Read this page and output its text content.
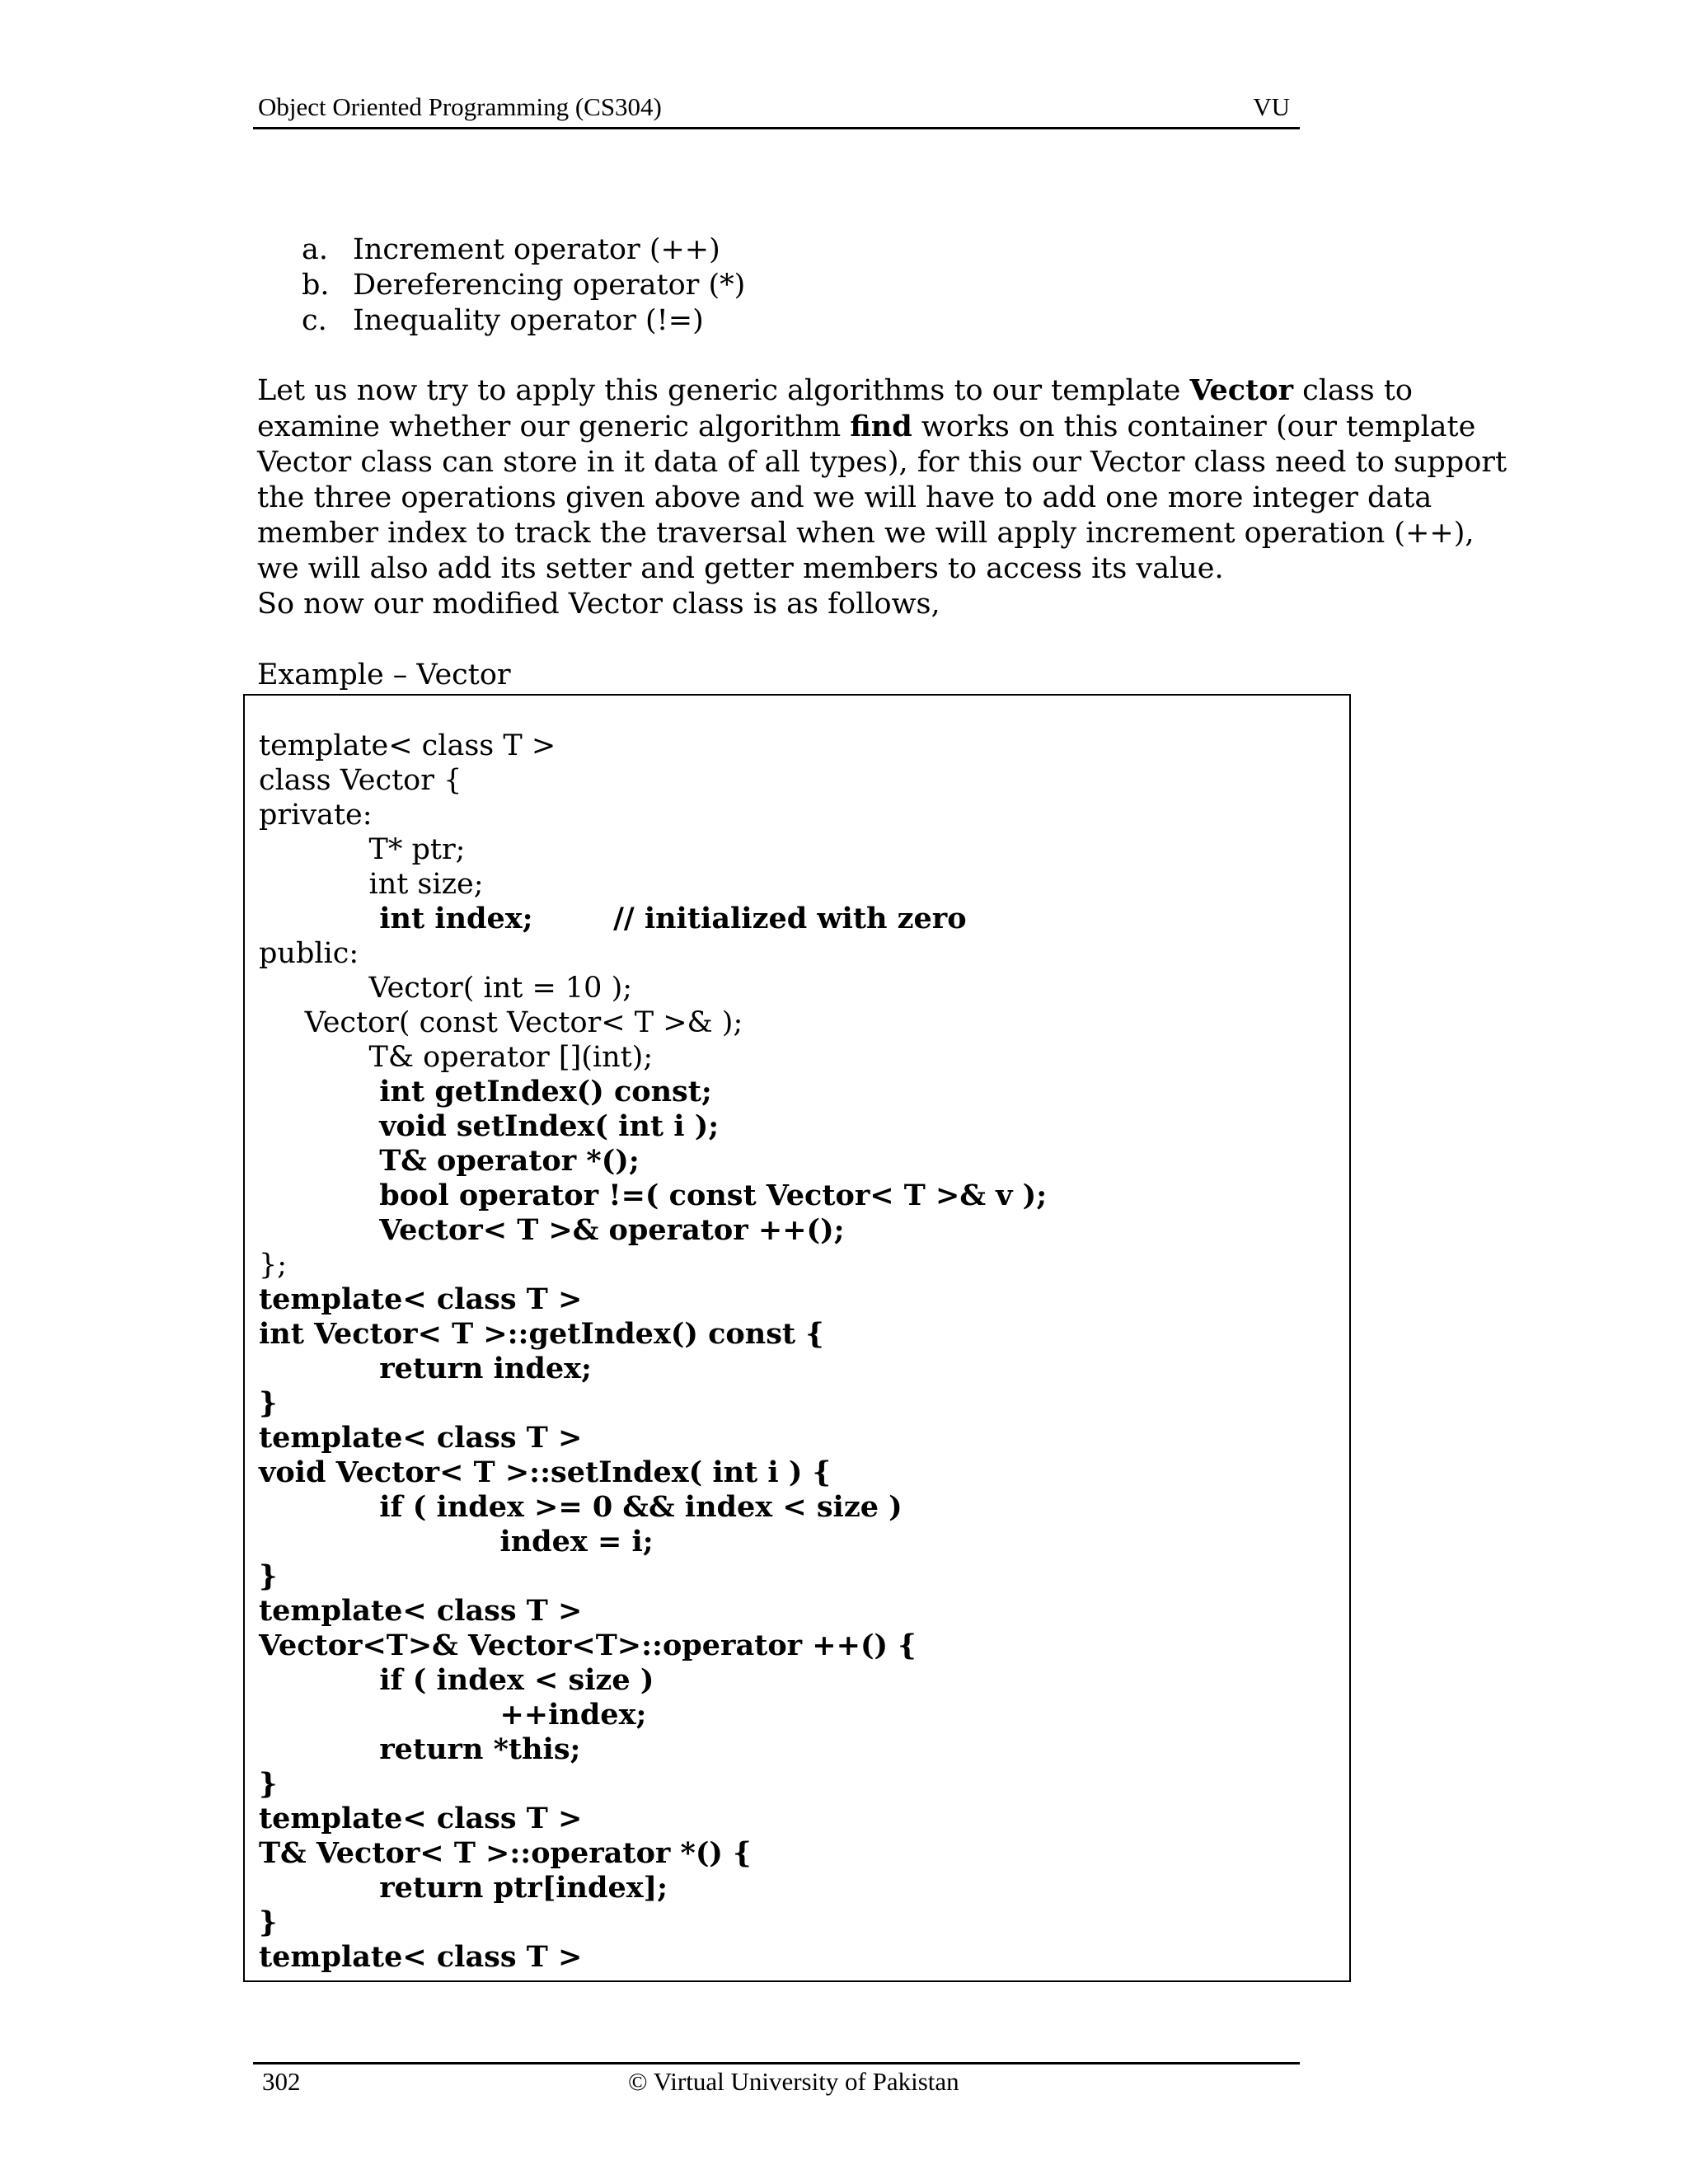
Object Oriented Programming (CS304)	VU
a. Increment operator (++)
b. Dereferencing operator (*)
c. Inequality operator (!=)

Let us now try to apply this generic algorithms to our template Vector class to

examine whether our generic algorithm find works on this container (our template

Vector class can store in it data of all types), for this our Vector class need to support

the three operations given above and we will have to add one more integer data

member index to track the traversal when we will apply increment operation (++),

we will also add its setter and getter members to access its value.

So now our modified Vector class is as follows,

Example – Vector
template< class T >
class Vector {
private:
T* ptr;
int size;
int index;        // initialized with zero
public:
Vector( int = 10 );
Vector( const Vector< T >& );
T& operator [](int);
int getIndex() const;
void setIndex( int i );
T& operator *();
bool operator !=( const Vector< T >& v );
Vector< T >& operator ++();
};
template< class T >
int Vector< T >::getIndex() const {
return index;
}
template< class T >
void Vector< T >::setIndex( int i ) {
if ( index >= 0 && index < size )
index = i;
}
template< class T >
Vector<T>& Vector<T>::operator ++() {
if ( index < size )
++index;
return *this;
}
template< class T >
T& Vector< T >::operator *() {
return ptr[index];
}
template< class T >
302	© Virtual University of Pakistan
